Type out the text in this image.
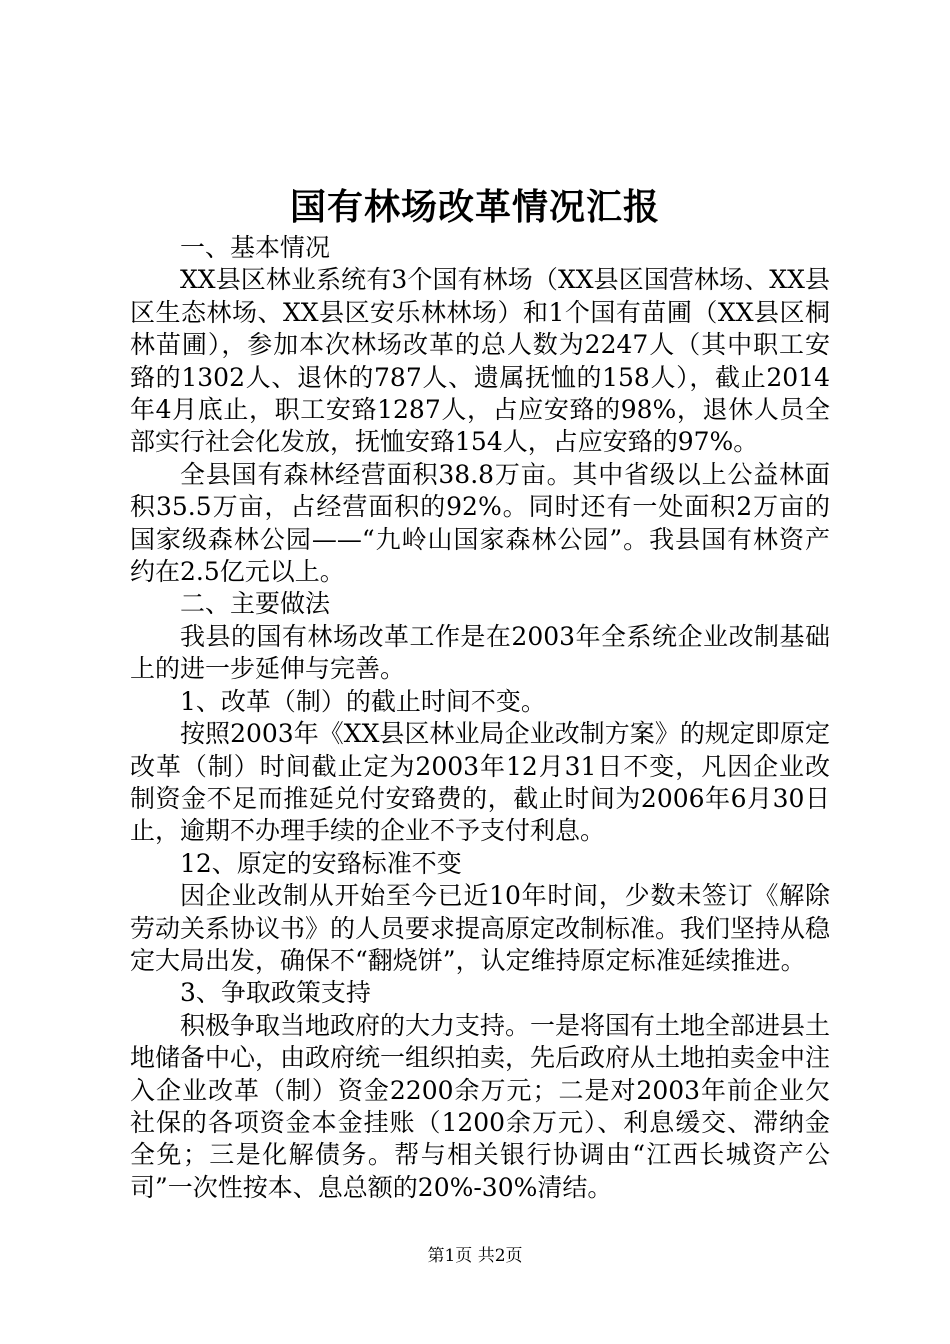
国有林场改革情况汇报

一、基本情况

XX县区林业系统有3个国有林场（XX县区国营林场、XX县区生态林场、XX县区安乐林林场）和1个国有苗圃（XX县区桐林苗圃），参加本次林场改革的总人数为2247人（其中职工安臵的1302人、退休的787人、遗属抚恤的158人），截止2014年4月底止，职工安臵1287人，占应安臵的98%，退休人员全部实行社会化发放，抚恤安臵154人，占应安臵的97%。

全县国有森林经营面积38.8万亩。其中省级以上公益林面积35.5万亩，占经营面积的92%。同时还有一处面积2万亩的国家级森林公园——“九岭山国家森林公园”。我县国有林资产约在2.5亿元以上。

二、主要做法

我县的国有林场改革工作是在2003年全系统企业改制基础上的进一步延伸与完善。

1、改革（制）的截止时间不变。

按照2003年《XX县区林业局企业改制方案》的规定即原定改革（制）时间截止定为2003年12月31日不变，凡因企业改制资金不足而推延兑付安臵费的，截止时间为2006年6月30日止，逾期不办理手续的企业不予支付利息。

12、原定的安臵标准不变

因企业改制从开始至今已近10年时间，少数未签订《解除劳动关系协议书》的人员要求提高原定改制标准。我们坚持从稳定大局出发，确保不“翻烧饼”，认定维持原定标准延续推进。

3、争取政策支持

积极争取当地政府的大力支持。一是将国有土地全部进县土地储备中心，由政府统一组织拍卖，先后政府从土地拍卖金中注入企业改革（制）资金2200余万元；二是对2003年前企业欠社保的各项资金本金挂账（1200余万元）、利息缓交、滞纳金全免；三是化解债务。帮与相关银行协调由“江西长城资产公司”一次性按本、息总额的20%-30%清结。

第1页 共2页
